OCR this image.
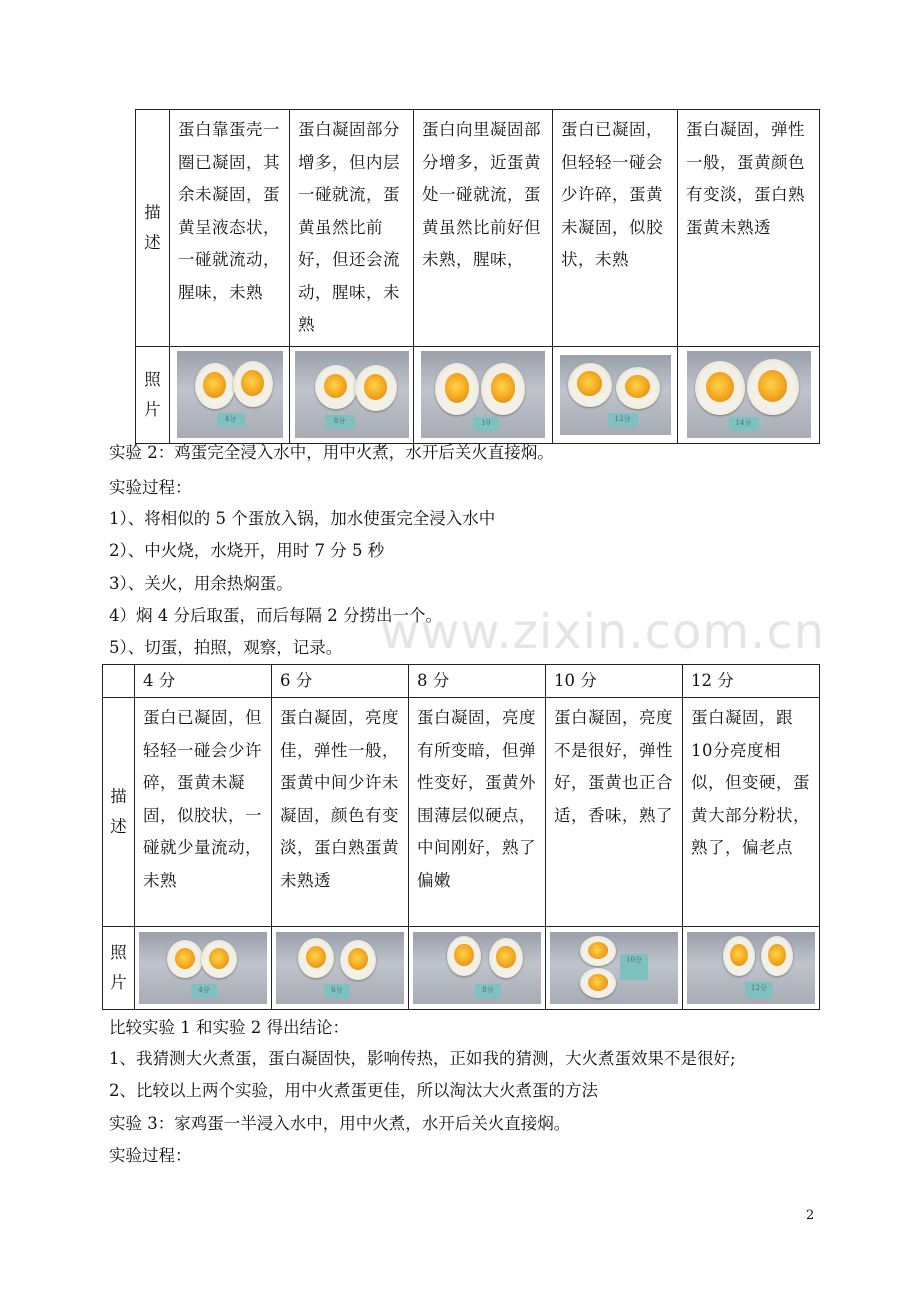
描
述	蛋白靠蛋壳一圈已凝固，其余未凝固，蛋黄呈液态状，一碰就流动，腥味，未熟	蛋白凝固部分增多，但内层一碰就流，蛋黄虽然比前好，但还会流动，腥味，未熟	蛋白向里凝固部分增多，近蛋黄处一碰就流，蛋黄虽然比前好但未熟，腥味，	蛋白已凝固，但轻轻一碰会少许碎，蛋黄未凝固，似胶状，未熟	蛋白凝固，弹性一般，蛋黄颜色有变淡，蛋白熟蛋黄未熟透

照
片	4分	8分	10	12分	14分

实验 2：鸡蛋完全浸入水中，用中火煮，水开后关火直接焖。

实验过程：

1）、将相似的 5 个蛋放入锅，加水使蛋完全浸入水中

2）、中火烧，水烧开，用时 7 分 5 秒

3）、关火，用余热焖蛋。

4）焖 4 分后取蛋，而后每隔 2 分捞出一个。

5）、切蛋，拍照，观察，记录。 www.zixin.com.cn

	4 分	6 分	8 分	10 分	12 分

描
述	蛋白已凝固，但轻轻一碰会少许碎，蛋黄未凝固，似胶状，一碰就少量流动，未熟	蛋白凝固，亮度佳，弹性一般，蛋黄中间少许未凝固，颜色有变淡，蛋白熟蛋黄未熟透	蛋白凝固，亮度有所变暗，但弹性变好，蛋黄外围薄层似硬点，中间刚好，熟了偏嫩	蛋白凝固，亮度不是很好，弹性好，蛋黄也正合适，香味，熟了	蛋白凝固，跟10分亮度相似，但变硬，蛋黄大部分粉状，熟了，偏老点

照
片	4分	6分	8分	10分	12分

比较实验 1 和实验 2 得出结论：

1、我猜测大火煮蛋，蛋白凝固快，影响传热，正如我的猜测，大火煮蛋效果不是很好;

2、比较以上两个实验，用中火煮蛋更佳，所以淘汰大火煮蛋的方法

实验 3：家鸡蛋一半浸入水中，用中火煮，水开后关火直接焖。

实验过程：

2
